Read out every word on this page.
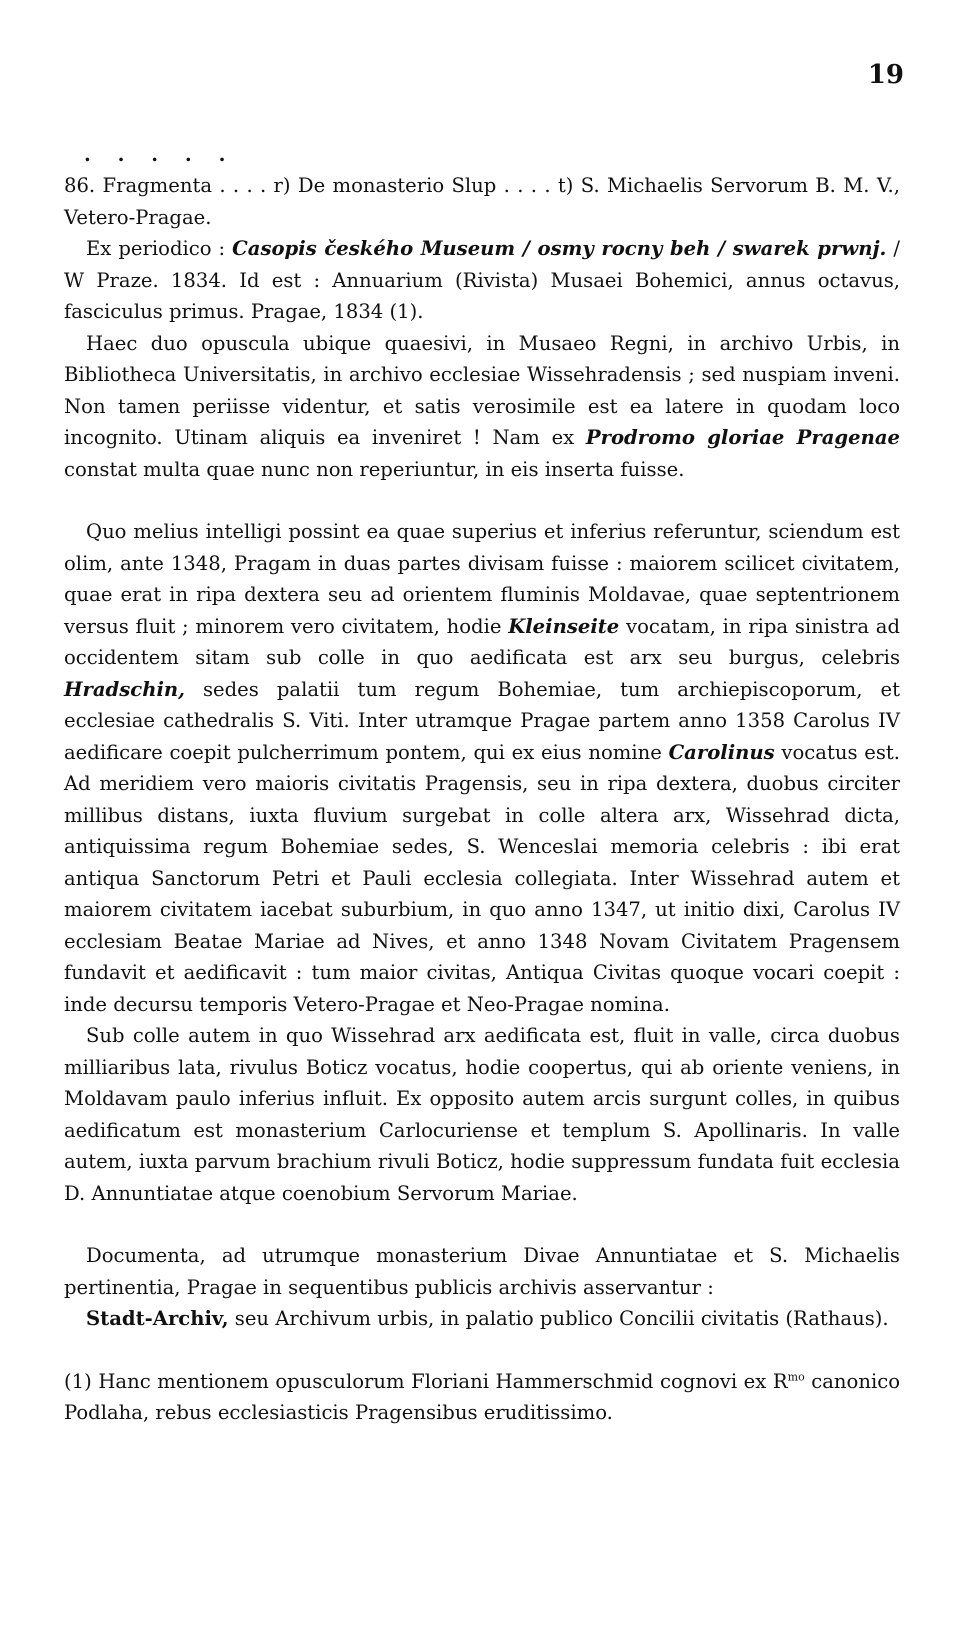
19
. . . . .

86. Fragmenta . . . . r) De monasterio Slup . . . . t) S. Michaelis Servorum B. M. V., Vetero-Pragae.

Ex periodico : Casopis českého Museum / osmy rocny beh / swarek prwnj. / W Praze. 1834. Id est : Annuarium (Rivista) Musaei Bohemici, annus octavus, fasciculus primus. Pragae, 1834 (1).

Haec duo opuscula ubique quaesivi, in Musaeo Regni, in archivo Urbis, in Bibliotheca Universitatis, in archivo ecclesiae Wissehradensis ; sed nuspiam inveni. Non tamen periisse videntur, et satis verosimile est ea latere in quodam loco incognito. Utinam aliquis ea inveniret ! Nam ex Prodromo gloriae Pragenae constat multa quae nunc non reperiuntur, in eis inserta fuisse.

Quo melius intelligi possint ea quae superius et inferius referuntur, sciendum est olim, ante 1348, Pragam in duas partes divisam fuisse : maiorem scilicet civitatem, quae erat in ripa dextera seu ad orientem fluminis Moldavae, quae septentrionem versus fluit ; minorem vero civitatem, hodie Kleinseite vocatam, in ripa sinistra ad occidentem sitam sub colle in quo aedificata est arx seu burgus, celebris Hradschin, sedes palatii tum regum Bohemiae, tum archiepiscoporum, et ecclesiae cathedralis S. Viti. Inter utramque Pragae partem anno 1358 Carolus IV aedificare coepit pulcherrimum pontem, qui ex eius nomine Carolinus vocatus est. Ad meridiem vero maioris civitatis Pragensis, seu in ripa dextera, duobus circiter millibus distans, iuxta fluvium surgebat in colle altera arx, Wissehrad dicta, antiquissima regum Bohemiae sedes, S. Wenceslai memoria celebris : ibi erat antiqua Sanctorum Petri et Pauli ecclesia collegiata. Inter Wissehrad autem et maiorem civitatem iacebat suburbium, in quo anno 1347, ut initio dixi, Carolus IV ecclesiam Beatae Mariae ad Nives, et anno 1348 Novam Civitatem Pragensem fundavit et aedificavit : tum maior civitas, Antiqua Civitas quoque vocari coepit : inde decursu temporis Vetero-Pragae et Neo-Pragae nomina.

Sub colle autem in quo Wissehrad arx aedificata est, fluit in valle, circa duobus milliaribus lata, rivulus Boticz vocatus, hodie coopertus, qui ab oriente veniens, in Moldavam paulo inferius influit. Ex opposito autem arcis surgunt colles, in quibus aedificatum est monasterium Carlocuriense et templum S. Apollinaris. In valle autem, iuxta parvum brachium rivuli Boticz, hodie suppressum fundata fuit ecclesia D. Annuntiatae atque coenobium Servorum Mariae.

Documenta, ad utrumque monasterium Divae Annuntiatae et S. Michaelis pertinentia, Pragae in sequentibus publicis archivis asservantur :

Stadt-Archiv, seu Archivum urbis, in palatio publico Concilii civitatis (Rathaus).

(1) Hanc mentionem opusculorum Floriani Hammerschmid cognovi ex $R^{mo}$ canonico Podlaha, rebus ecclesiasticis Pragensibus eruditissimo.
